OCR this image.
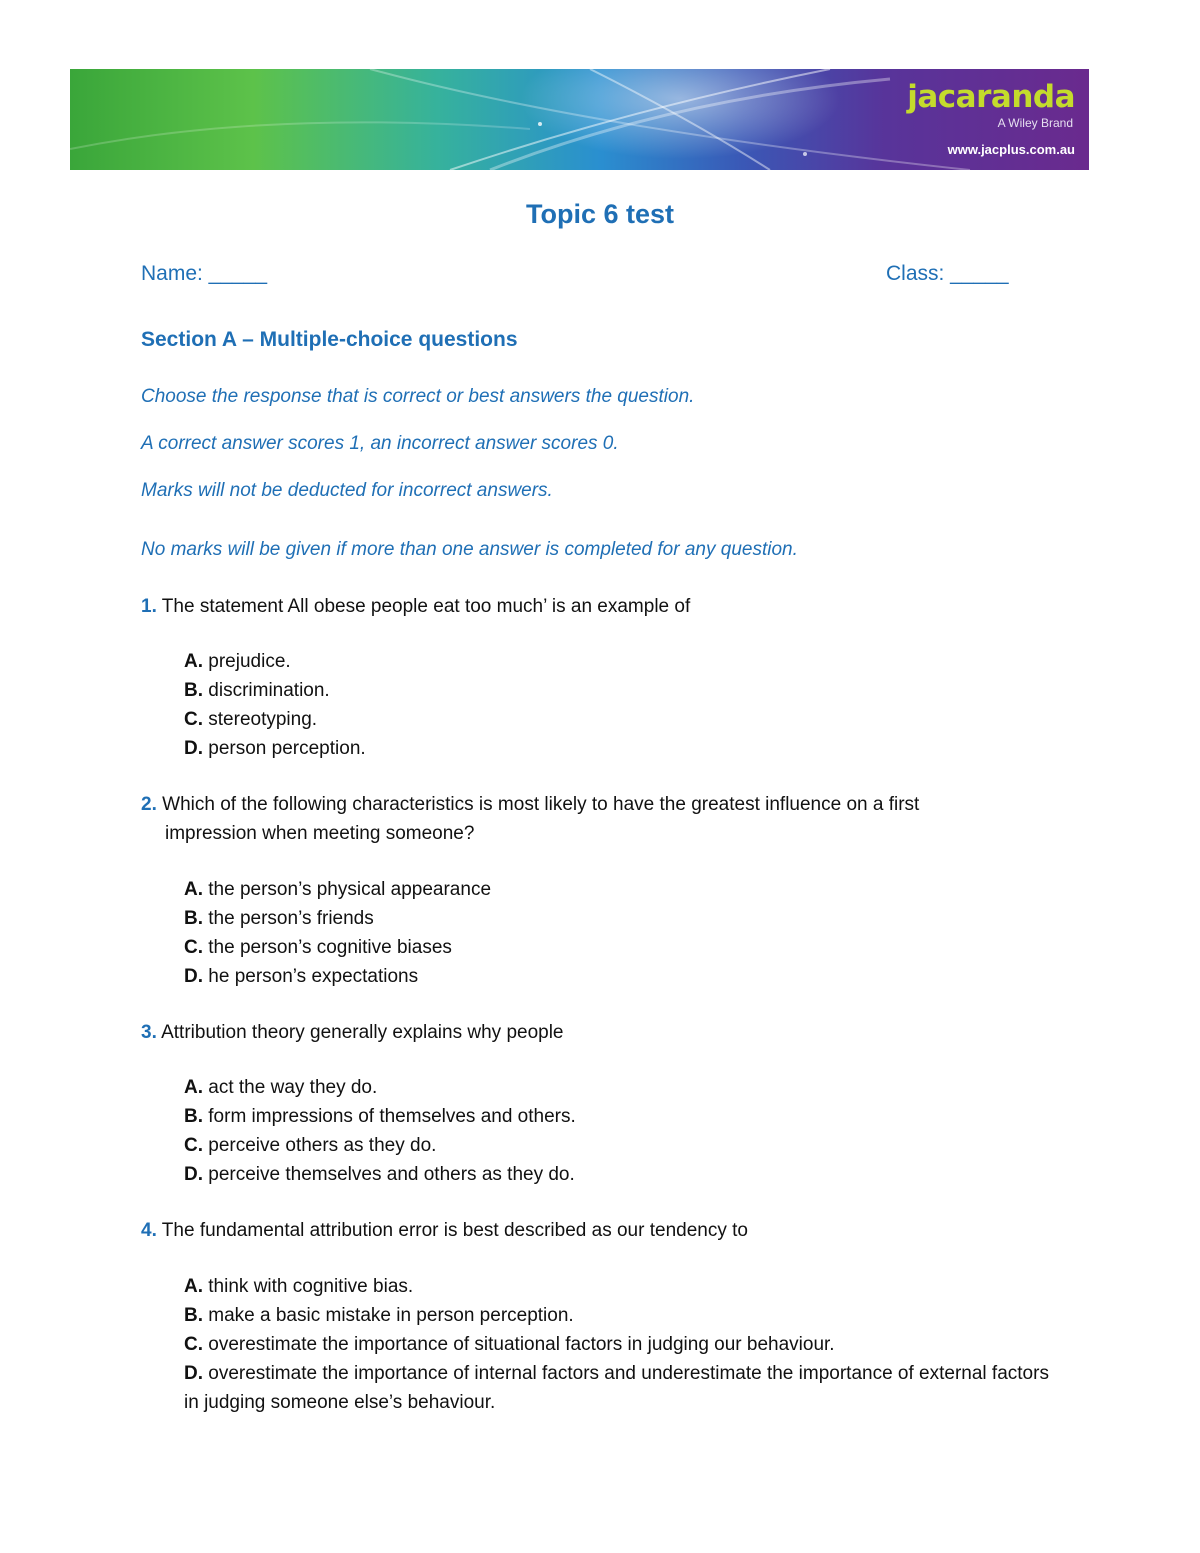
jacaranda
A Wiley Brand
www.jacplus.com.au
Topic 6 test
Name: _____	Class: _____
Section A – Multiple-choice questions
Choose the response that is correct or best answers the question.
A correct answer scores 1, an incorrect answer scores 0.
Marks will not be deducted for incorrect answers.
No marks will be given if more than one answer is completed for any question.
1. The statement All obese people eat too much’ is an example of
A. prejudice.
B. discrimination.
C. stereotyping.
D. person perception.
2. Which of the following characteristics is most likely to have the greatest influence on a first
impression when meeting someone?
A. the person’s physical appearance
B. the person’s friends
C. the person’s cognitive biases
D. he person’s expectations
3. Attribution theory generally explains why people
A. act the way they do.
B. form impressions of themselves and others.
C. perceive others as they do.
D. perceive themselves and others as they do.
4. The fundamental attribution error is best described as our tendency to
A. think with cognitive bias.
B. make a basic mistake in person perception.
C. overestimate the importance of situational factors in judging our behaviour.
D. overestimate the importance of internal factors and underestimate the importance of external factors in judging someone else’s behaviour.
